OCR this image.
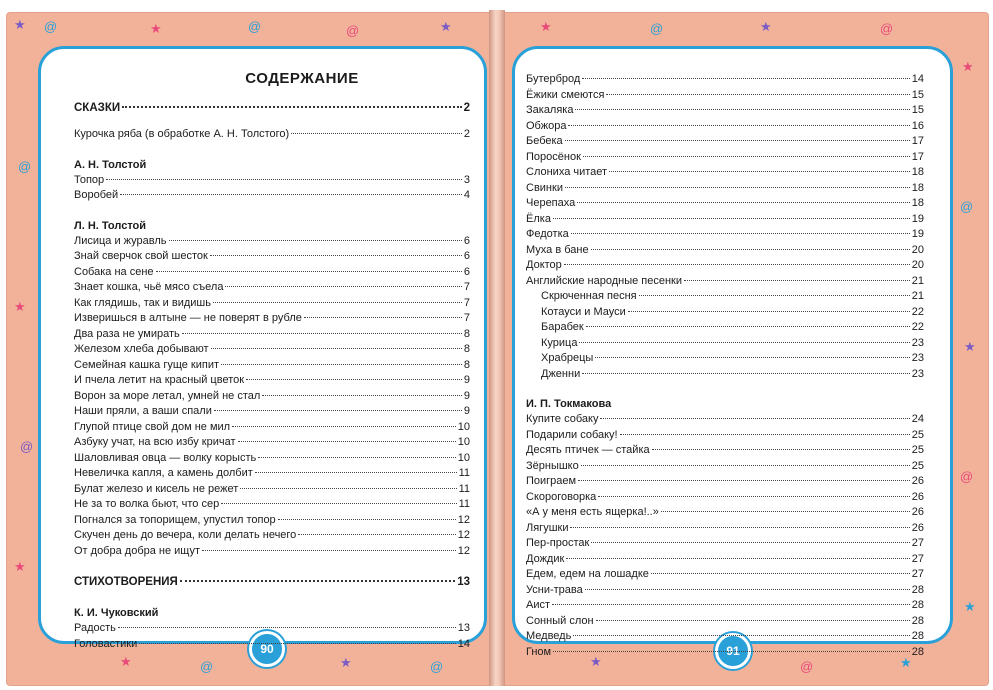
★ @	★	@	@	★
@
★
@
★
★	@	★	@
★	@	★	@
★
@
★
@
★
★	@	★
90	91
СОДЕРЖАНИЕ
СКАЗКИ	2
Курочка ряба (в обработке А. Н. Толстого)	2
А. Н. Толстой
Топор	3
Воробей	4
Л. Н. Толстой
Лисица и журавль	6
Знай сверчок свой шесток	6
Собака на сене	6
Знает кошка, чьё мясо съела	7
Как глядишь, так и видишь	7
Изверишься в алтыне — не поверят в рубле	7
Два раза не умирать	8
Железом хлеба добывают	8
Семейная кашка гуще кипит	8
И пчела летит на красный цветок	9
Ворон за море летал, умней не стал	9
Наши пряли, а ваши спали	9
Глупой птице свой дом не мил	10
Азбуку учат, на всю избу кричат	10
Шаловливая овца — волку корысть	10
Невеличка капля, а камень долбит	11
Булат железо и кисель не режет	11
Не за то волка бьют, что сер	11
Погнался за топорищем, упустил топор	12
Скучен день до вечера, коли делать нечего	12
От добра добра не ищут	12
СТИХОТВОРЕНИЯ	13
К. И. Чуковский
Радость	13
Головастики	14
Бутерброд	14
Ёжики смеются	15
Закаляка	15
Обжора	16
Бебека	17
Поросёнок	17
Слониха читает	18
Свинки	18
Черепаха	18
Ёлка	19
Федотка	19
Муха в бане	20
Доктор	20
Английские народные песенки	21
Скрюченная песня	21
Котауси и Мауси	22
Барабек	22
Курица	23
Храбрецы	23
Дженни	23
И. П. Токмакова
Купите собаку	24
Подарили собаку!	25
Десять птичек — стайка	25
Зёрнышко	25
Поиграем	26
Скороговорка	26
«А у меня есть ящерка!..»	26
Лягушки	26
Пер-простак	27
Дождик	27
Едем, едем на лошадке	27
Усни-трава	28
Аист	28
Сонный слон	28
Медведь	28
Гном	28
